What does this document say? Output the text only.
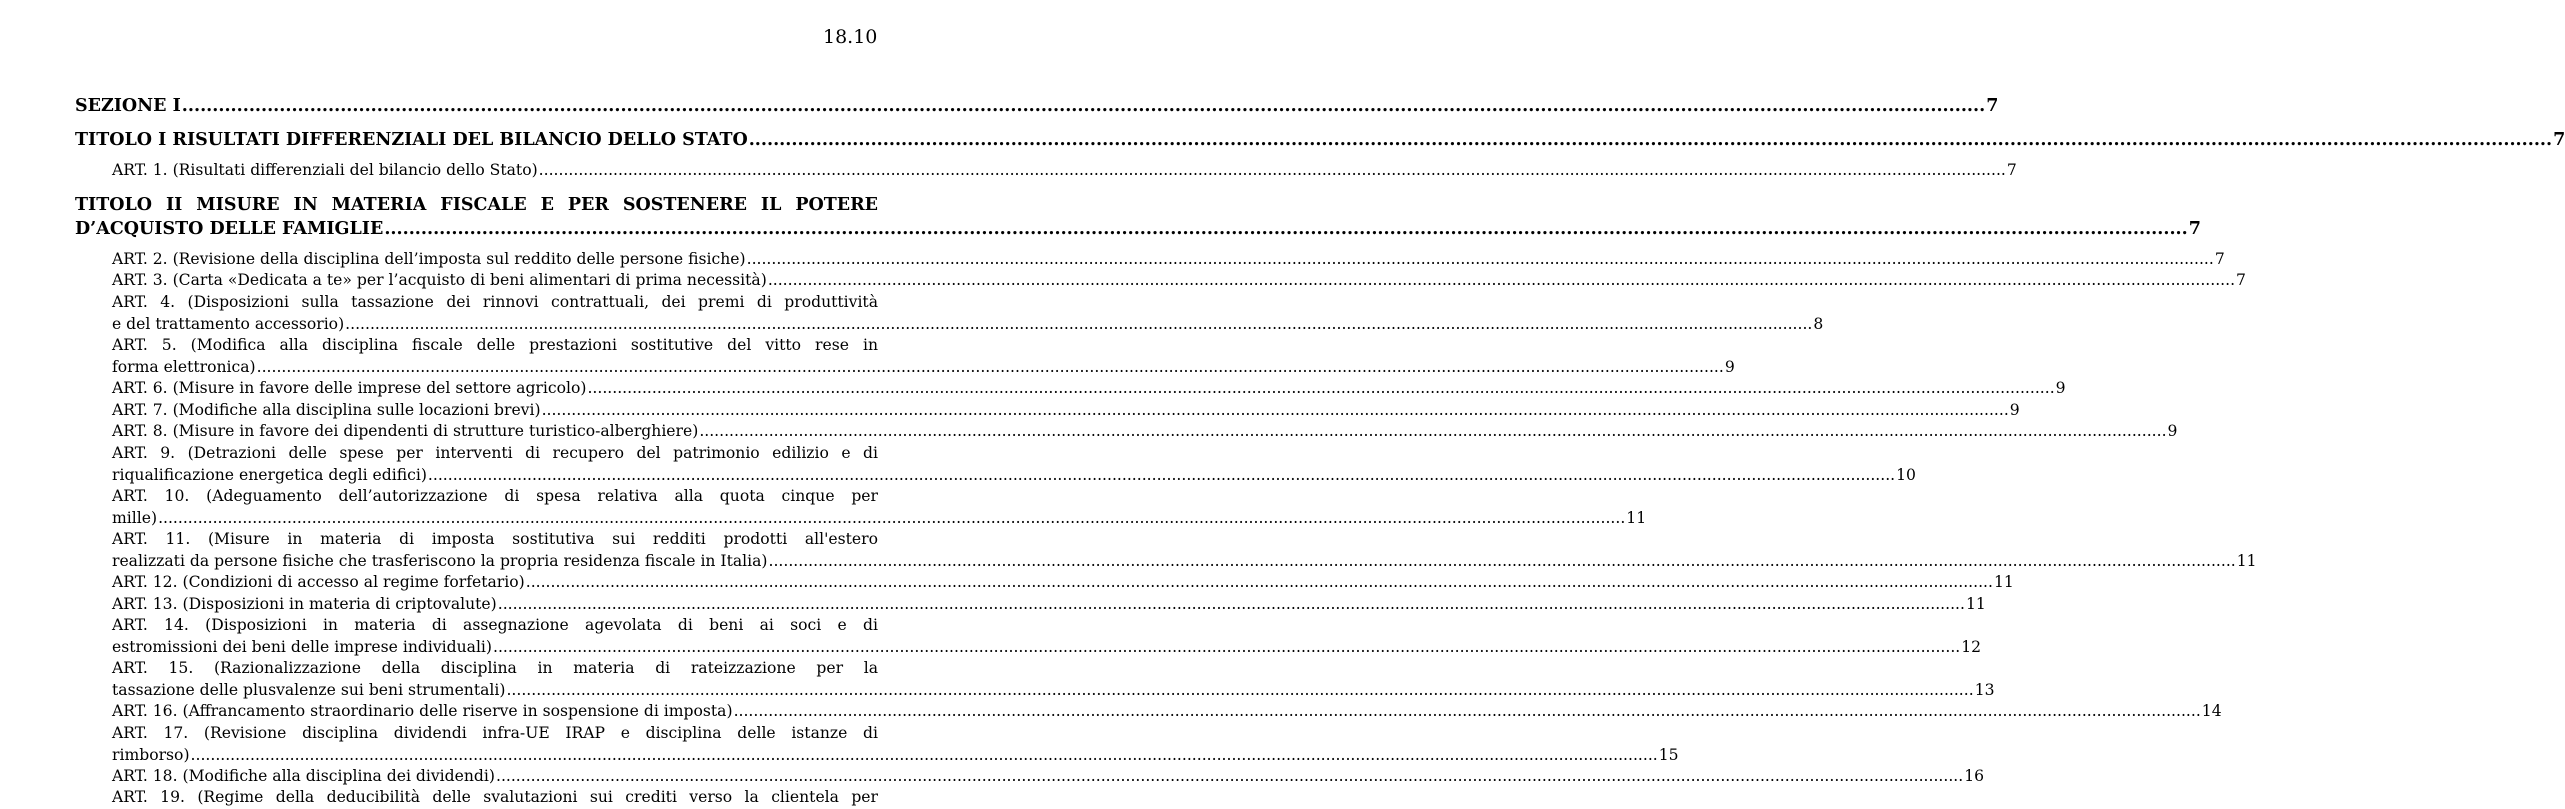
18.10
SEZIONE I .....	7
TITOLO I RISULTATI DIFFERENZIALI DEL BILANCIO DELLO STATO .....	7
ART. 1. (Risultati differenziali del bilancio dello Stato) .....	7
TITOLO II MISURE IN MATERIA FISCALE E PER SOSTENERE IL POTERE
D’ACQUISTO DELLE FAMIGLIE .....	7
ART. 2. (Revisione della disciplina dell’imposta sul reddito delle persone fisiche) .....	7
ART. 3. (Carta «Dedicata a te» per l’acquisto di beni alimentari di prima necessità) .....	7
ART. 4. (Disposizioni sulla tassazione dei rinnovi contrattuali, dei premi di produttività
e del trattamento accessorio) .....	8
ART. 5. (Modifica alla disciplina fiscale delle prestazioni sostitutive del vitto rese in
forma elettronica) .....	9
ART. 6. (Misure in favore delle imprese del settore agricolo) .....	9
ART. 7. (Modifiche alla disciplina sulle locazioni brevi) .....	9
ART. 8. (Misure in favore dei dipendenti di strutture turistico-alberghiere) .....	9
ART. 9. (Detrazioni delle spese per interventi di recupero del patrimonio edilizio e di
riqualificazione energetica degli edifici) .....	10
ART. 10. (Adeguamento dell’autorizzazione di spesa relativa alla quota cinque per
mille) .....	11
ART. 11. (Misure in materia di imposta sostitutiva sui redditi prodotti all'estero
realizzati da persone fisiche che trasferiscono la propria residenza fiscale in Italia) .....	11
ART. 12. (Condizioni di accesso al regime forfetario) .....	11
ART. 13. (Disposizioni in materia di criptovalute) .....	11
ART. 14. (Disposizioni in materia di assegnazione agevolata di beni ai soci e di
estromissioni dei beni delle imprese individuali) .....	12
ART. 15. (Razionalizzazione della disciplina in materia di rateizzazione per la
tassazione delle plusvalenze sui beni strumentali) .....	13
ART. 16. (Affrancamento straordinario delle riserve in sospensione di imposta) .....	14
ART. 17. (Revisione disciplina dividendi infra-UE IRAP e disciplina delle istanze di
rimborso) .....	15
ART. 18. (Modifiche alla disciplina dei dividendi) .....	16
ART. 19. (Regime della deducibilità delle svalutazioni sui crediti verso la clientela per
